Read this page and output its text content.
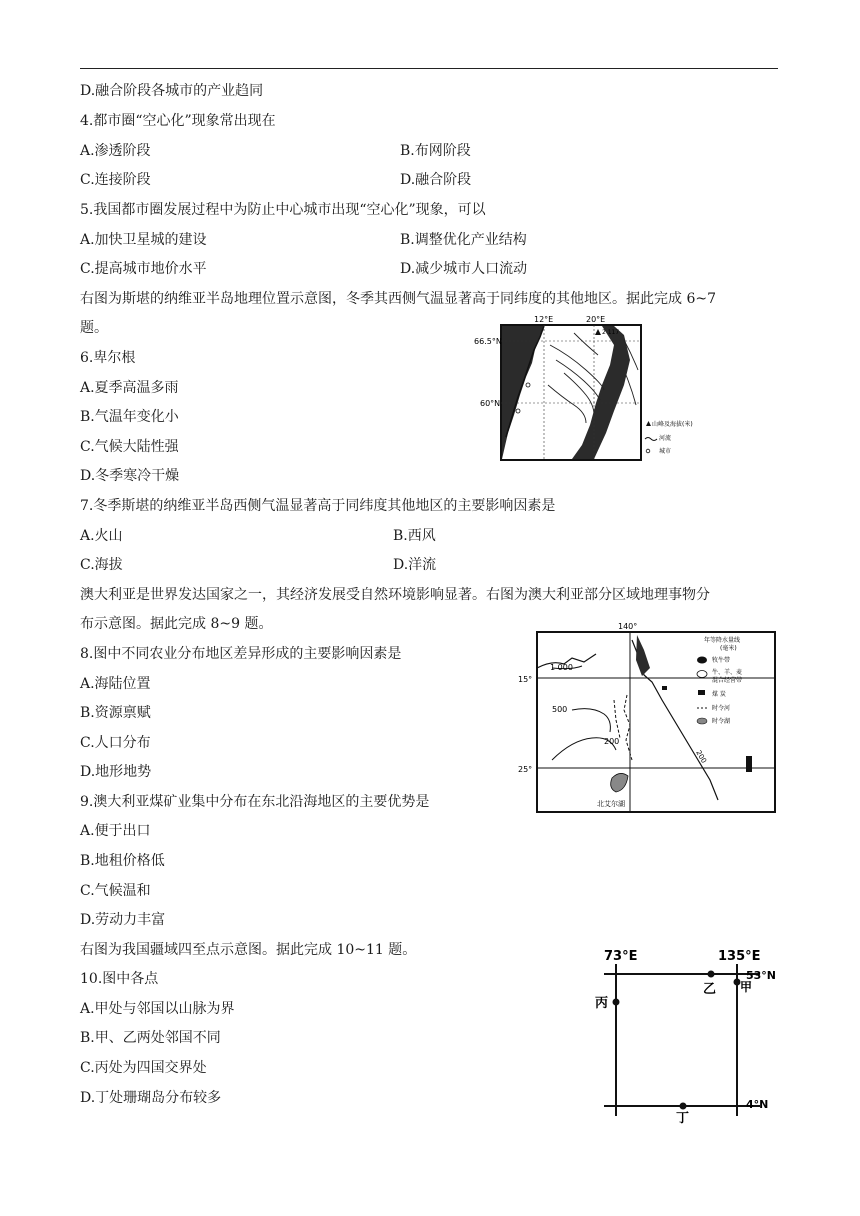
D.融合阶段各城市的产业趋同
4.都市圈“空心化”现象常出现在
A.渗透阶段	B.布网阶段
C.连接阶段	D.融合阶段
5.我国都市圈发展过程中为防止中心城市出现“空心化”现象，可以
A.加快卫星城的建设	B.调整优化产业结构
C.提高城市地价水平	D.减少城市人口流动
右图为斯堪的纳维亚半岛地理位置示意图，冬季其西侧气温显著高于同纬度的其他地区。据此完成 6~7
题。
6.卑尔根
A.夏季高温多雨
B.气温年变化小
C.气候大陆性强
D.冬季寒冷干燥
7.冬季斯堪的纳维亚半岛西侧气温显著高于同纬度其他地区的主要影响因素是
A.火山	B.西风
C.海拔	D.洋流
澳大利亚是世界发达国家之一，其经济发展受自然环境影响显著。右图为澳大利亚部分区域地理事物分
布示意图。据此完成 8~9 题。
8.图中不同农业分布地区差异形成的主要影响因素是
A.海陆位置
B.资源禀赋
C.人口分布
D.地形地势
9.澳大利亚煤矿业集中分布在东北沿海地区的主要优势是
A.便于出口
B.地租价格低
C.气候温和
D.劳动力丰富
右图为我国疆域四至点示意图。据此完成 10~11 题。
10.图中各点
A.甲处与邻国以山脉为界
B.甲、乙两处邻国不同
C.丙处为四国交界处
D.丁处珊瑚岛分布较多
12°E	20°E
66.5°N
60°N
2 117
山峰及海拔(米)
河流
城市
140°
15°
25°
1 000
500
200
200
北艾尔湖
年等降水量线
(毫米)
牧牛带
牛、羊、麦
混合经营带
煤 炭
时令河
时令湖
73°E	135°E
53°N
4°N
乙 甲
丙
丁
